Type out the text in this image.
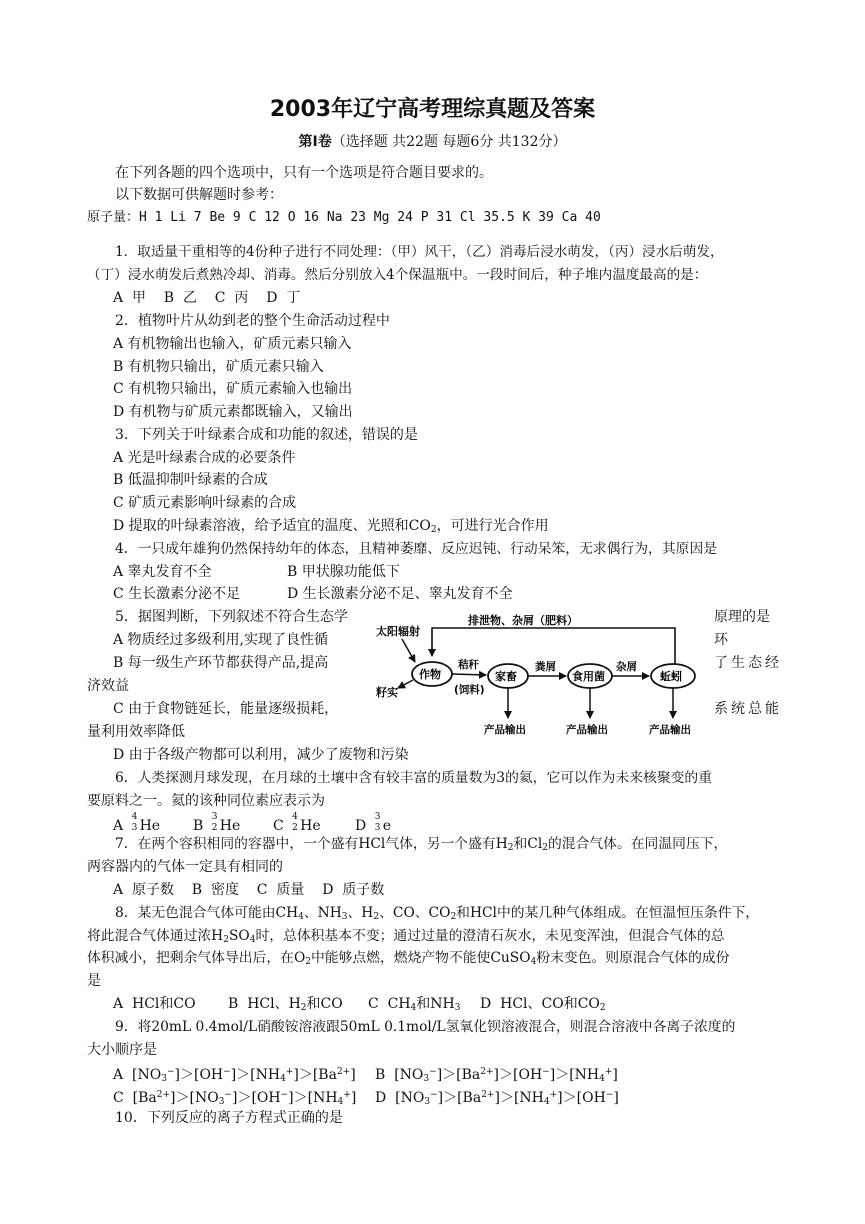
2003年辽宁高考理综真题及答案
第Ⅰ卷（选择题 共22题 每题6分 共132分）
在下列各题的四个选项中，只有一个选项是符合题目要求的。
以下数据可供解题时参考：
原子量：H 1 Li 7 Be 9 C 12 O 16 Na 23 Mg 24 P 31 Cl 35.5 K 39 Ca 40
1．取适量干重相等的4份种子进行不同处理：（甲）风干，（乙）消毒后浸水萌发，（丙）浸水后萌发，
（丁）浸水萌发后煮熟冷却、消毒。然后分别放入4个保温瓶中。一段时间后，种子堆内温度最高的是：
A  甲    B  乙    C  丙    D  丁
2．植物叶片从幼到老的整个生命活动过程中
A 有机物输出也输入，矿质元素只输入
B 有机物只输出，矿质元素只输入
C 有机物只输出，矿质元素输入也输出
D 有机物与矿质元素都既输入，又输出
3．下列关于叶绿素合成和功能的叙述，错误的是
A 光是叶绿素合成的必要条件
B 低温抑制叶绿素的合成
C 矿质元素影响叶绿素的合成
D 提取的叶绿素溶液，给予适宜的温度、光照和$CO_2$，可进行光合作用
4．一只成年雄狗仍然保持幼年的体态，且精神萎靡、反应迟钝、行动呆笨，无求偶行为，其原因是
A 睾丸发育不全	B 甲状腺功能低下
C 生长激素分泌不足	D 生长激素分泌不足、睾丸发育不全
5．据图判断，下列叙述不符合生态学	原理的是
A 物质经过多级利用,实现了良性循	环
B 每一级生产环节都获得产品,提高	了生态经
济效益
C 由于食物链延长，能量逐级损耗，	系统总能
量利用效率降低
D 由于各级产物都可以利用，减少了废物和污染
排泄物、杂屑（肥料）
太阳辐射
作物	家畜	食用菌	蚯蚓
籽实
秸秆
(饲料)
粪屑	杂屑
产品输出	产品输出	产品输出
6．人类探测月球发现，在月球的土壤中含有较丰富的质量数为3的氦，它可以作为未来核聚变的重
要原料之一。氦的该种同位素应表示为
A
4
3 He B
3
2 He C
4
2 He D
3
3 e
7．在两个容积相同的容器中，一个盛有HCl气体，另一个盛有$H_2$和$Cl_2$的混合气体。在同温同压下，
两容器内的气体一定具有相同的
A  原子数    B  密度    C  质量    D  质子数
8．某无色混合气体可能由$CH_4$、$NH_3$、$H_2$、CO、$CO_2$和HCl中的某几种气体组成。在恒温恒压条件下，
将此混合气体通过浓$H_2SO_4$时，总体积基本不变；通过过量的澄清石灰水，未见变浑浊，但混合气体的总
体积减小，把剩余气体导出后，在$O_2$中能够点燃，燃烧产物不能使CuSO$_4$粉末变色。则原混合气体的成份
是
A  HCl和CO B  HCl、$H_2$和CO C  $CH_4$和$NH_3$ D  HCl、CO和$CO_2$
9．将20mL 0.4mol/L硝酸铵溶液跟50mL 0.1mol/L氢氧化钡溶液混合，则混合溶液中各离子浓度的
大小顺序是
A $[NO_3^-]>[OH^-]>[NH_4^+]>[Ba^{2+}]$ B $[NO_3^-]>[Ba^{2+}]>[OH^-]>[NH_4^+]$
C $[Ba^{2+}]>[NO_3^-]>[OH^-]>[NH_4^+]$ D $[NO_3^-]>[Ba^{2+}]>[NH_4^+]>[OH^-]$
10．下列反应的离子方程式正确的是
